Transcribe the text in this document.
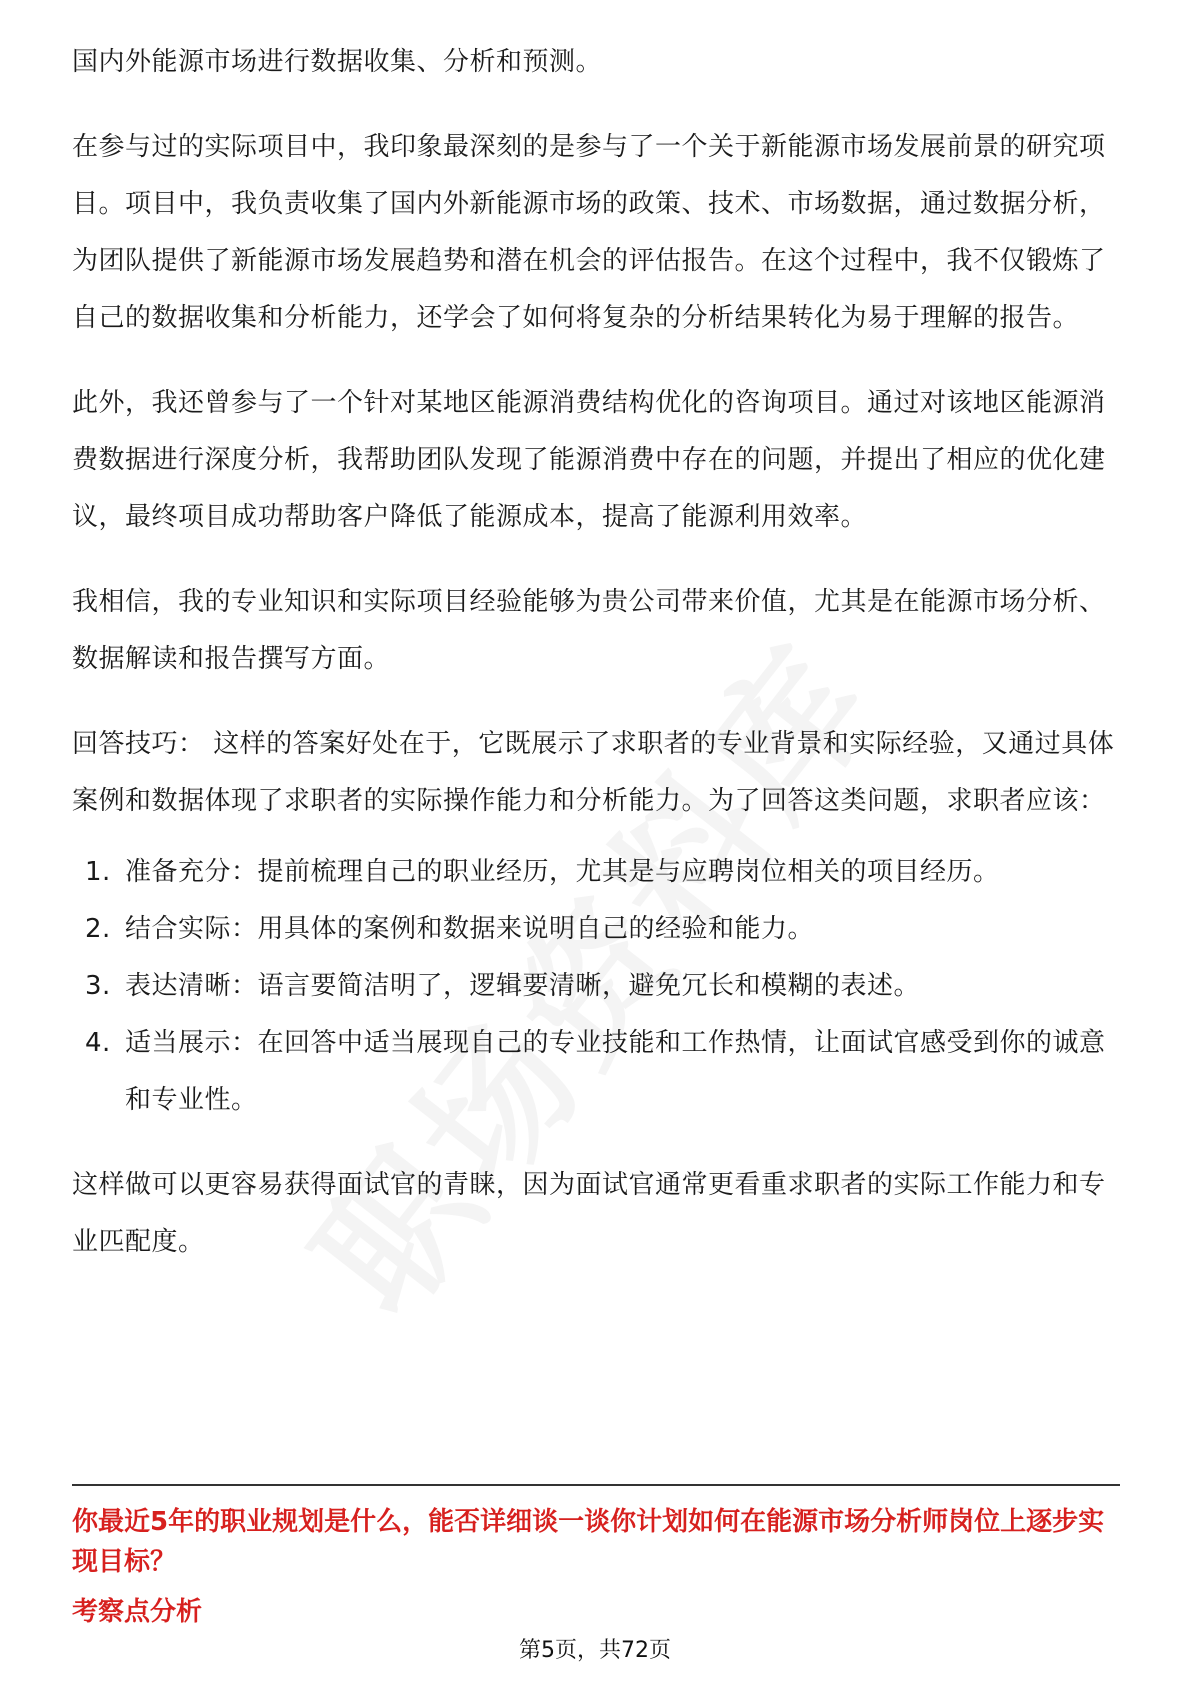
国内外能源市场进行数据收集、分析和预测。

在参与过的实际项目中，我印象最深刻的是参与了一个关于新能源市场发展前景的研究项目。项目中，我负责收集了国内外新能源市场的政策、技术、市场数据，通过数据分析，为团队提供了新能源市场发展趋势和潜在机会的评估报告。在这个过程中，我不仅锻炼了自己的数据收集和分析能力，还学会了如何将复杂的分析结果转化为易于理解的报告。

此外，我还曾参与了一个针对某地区能源消费结构优化的咨询项目。通过对该地区能源消费数据进行深度分析，我帮助团队发现了能源消费中存在的问题，并提出了相应的优化建议，最终项目成功帮助客户降低了能源成本，提高了能源利用效率。

我相信，我的专业知识和实际项目经验能够为贵公司带来价值，尤其是在能源市场分析、数据解读和报告撰写方面。

回答技巧： 这样的答案好处在于，它既展示了求职者的专业背景和实际经验，又通过具体案例和数据体现了求职者的实际操作能力和分析能力。为了回答这类问题，求职者应该：

1. 准备充分：提前梳理自己的职业经历，尤其是与应聘岗位相关的项目经历。
2. 结合实际：用具体的案例和数据来说明自己的经验和能力。
3. 表达清晰：语言要简洁明了，逻辑要清晰，避免冗长和模糊的表述。
4. 适当展示：在回答中适当展现自己的专业技能和工作热情，让面试官感受到你的诚意和专业性。

这样做可以更容易获得面试官的青睐，因为面试官通常更看重求职者的实际工作能力和专业匹配度。

你最近5年的职业规划是什么，能否详细谈一谈你计划如何在能源市场分析师岗位上逐步实现目标？

考察点分析

第5页，共72页
